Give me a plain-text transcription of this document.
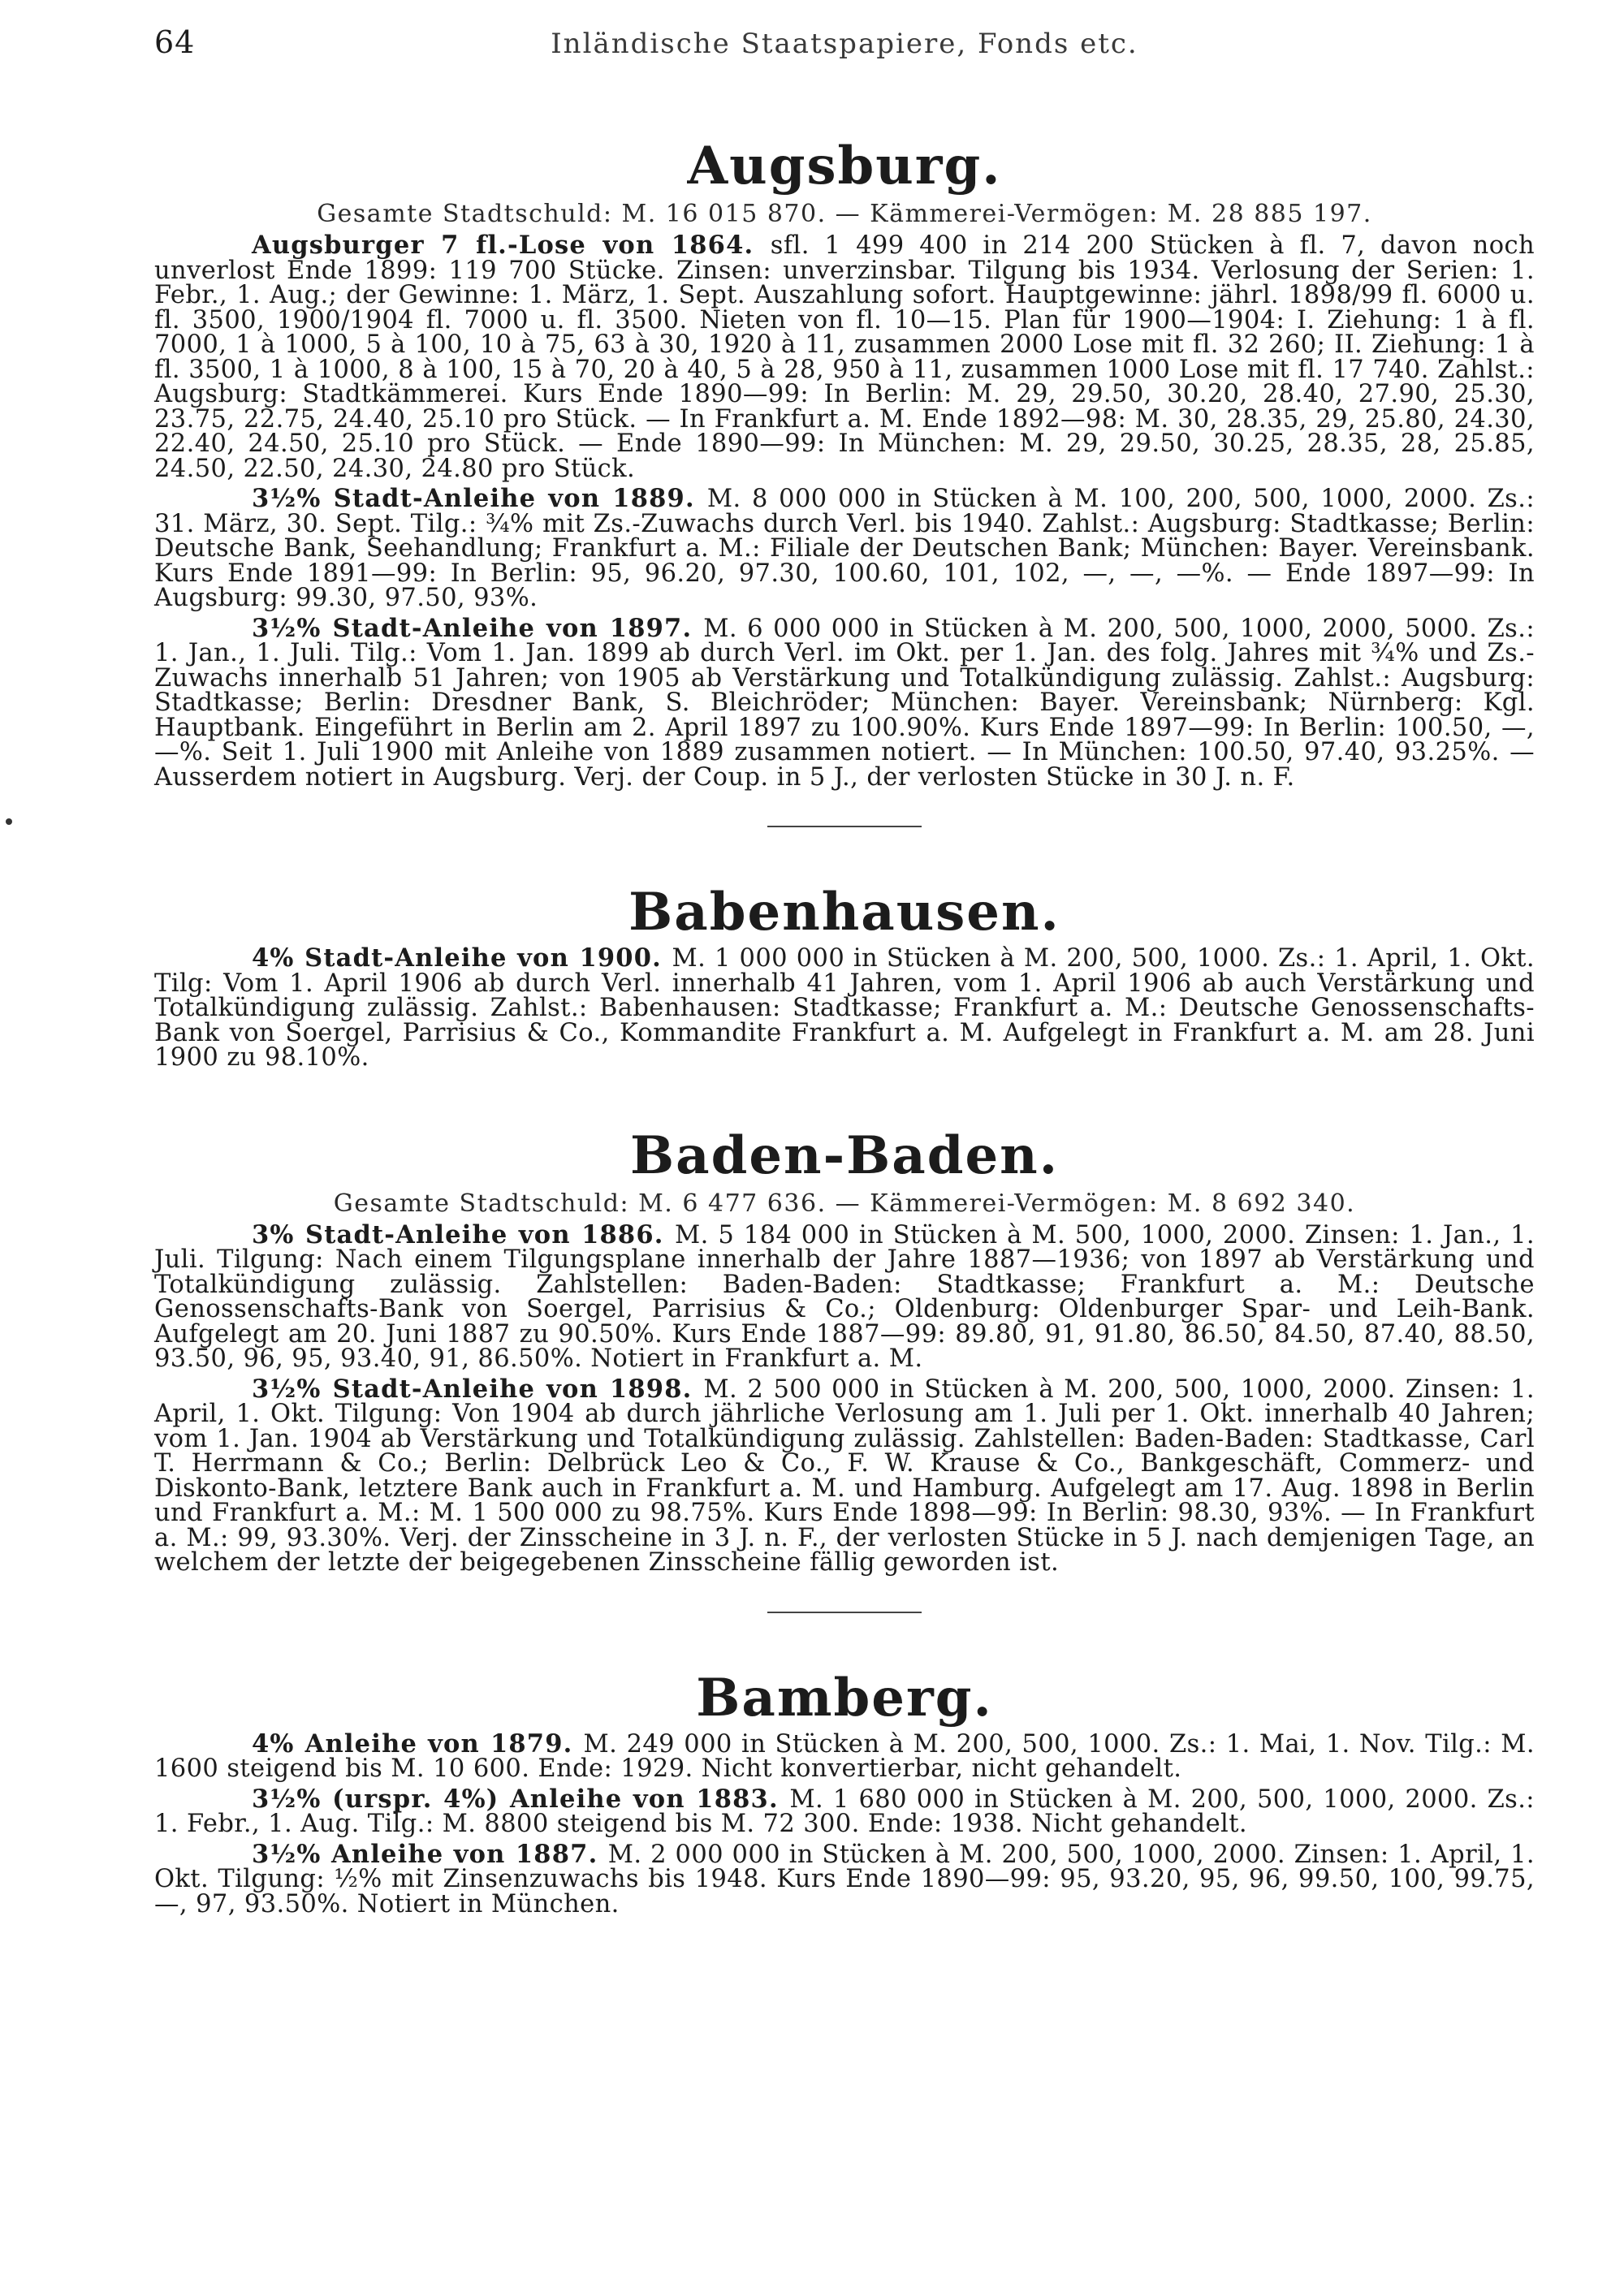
64	Inländische Staatspapiere, Fonds etc.
Augsburg.
Gesamte Stadtschuld: M. 16 015 870. — Kämmerei-Vermögen: M. 28 885 197.

Augsburger 7 fl.-Lose von 1864. sfl. 1 499 400 in 214 200 Stücken à fl. 7, davon noch unverlost Ende 1899: 119 700 Stücke. Zinsen: unverzinsbar. Tilgung bis 1934. Verlosung der Serien: 1. Febr., 1. Aug.; der Gewinne: 1. März, 1. Sept. Auszahlung sofort. Hauptgewinne: jährl. 1898/99 fl. 6000 u. fl. 3500, 1900/1904 fl. 7000 u. fl. 3500. Nieten von fl. 10—15. Plan für 1900—1904: I. Ziehung: 1 à fl. 7000, 1 à 1000, 5 à 100, 10 à 75, 63 à 30, 1920 à 11, zusammen 2000 Lose mit fl. 32 260; II. Ziehung: 1 à fl. 3500, 1 à 1000, 8 à 100, 15 à 70, 20 à 40, 5 à 28, 950 à 11, zusammen 1000 Lose mit fl. 17 740. Zahlst.: Augsburg: Stadtkämmerei. Kurs Ende 1890—99: In Berlin: M. 29, 29.50, 30.20, 28.40, 27.90, 25.30, 23.75, 22.75, 24.40, 25.10 pro Stück. — In Frankfurt a. M. Ende 1892—98: M. 30, 28.35, 29, 25.80, 24.30, 22.40, 24.50, 25.10 pro Stück. — Ende 1890—99: In München: M. 29, 29.50, 30.25, 28.35, 28, 25.85, 24.50, 22.50, 24.30, 24.80 pro Stück.

3½% Stadt-Anleihe von 1889. M. 8 000 000 in Stücken à M. 100, 200, 500, 1000, 2000. Zs.: 31. März, 30. Sept. Tilg.: ¾% mit Zs.-Zuwachs durch Verl. bis 1940. Zahlst.: Augsburg: Stadtkasse; Berlin: Deutsche Bank, Seehandlung; Frankfurt a. M.: Filiale der Deutschen Bank; München: Bayer. Vereinsbank. Kurs Ende 1891—99: In Berlin: 95, 96.20, 97.30, 100.60, 101, 102, —, —, —%. — Ende 1897—99: In Augsburg: 99.30, 97.50, 93%.

3½% Stadt-Anleihe von 1897. M. 6 000 000 in Stücken à M. 200, 500, 1000, 2000, 5000. Zs.: 1. Jan., 1. Juli. Tilg.: Vom 1. Jan. 1899 ab durch Verl. im Okt. per 1. Jan. des folg. Jahres mit ¾% und Zs.-Zuwachs innerhalb 51 Jahren; von 1905 ab Verstärkung und Totalkündigung zulässig. Zahlst.: Augsburg: Stadtkasse; Berlin: Dresdner Bank, S. Bleichröder; München: Bayer. Vereinsbank; Nürnberg: Kgl. Hauptbank. Eingeführt in Berlin am 2. April 1897 zu 100.90%. Kurs Ende 1897—99: In Berlin: 100.50, —, —%. Seit 1. Juli 1900 mit Anleihe von 1889 zusammen notiert. — In München: 100.50, 97.40, 93.25%. — Ausserdem notiert in Augsburg. Verj. der Coup. in 5 J., der verlosten Stücke in 30 J. n. F.

Babenhausen.

4% Stadt-Anleihe von 1900. M. 1 000 000 in Stücken à M. 200, 500, 1000. Zs.: 1. April, 1. Okt. Tilg: Vom 1. April 1906 ab durch Verl. innerhalb 41 Jahren, vom 1. April 1906 ab auch Verstärkung und Totalkündigung zulässig. Zahlst.: Babenhausen: Stadtkasse; Frankfurt a. M.: Deutsche Genossenschafts-Bank von Soergel, Parrisius & Co., Kommandite Frankfurt a. M. Aufgelegt in Frankfurt a. M. am 28. Juni 1900 zu 98.10%.

Baden-Baden.
Gesamte Stadtschuld: M. 6 477 636. — Kämmerei-Vermögen: M. 8 692 340.

3% Stadt-Anleihe von 1886. M. 5 184 000 in Stücken à M. 500, 1000, 2000. Zinsen: 1. Jan., 1. Juli. Tilgung: Nach einem Tilgungsplane innerhalb der Jahre 1887—1936; von 1897 ab Verstärkung und Totalkündigung zulässig. Zahlstellen: Baden-Baden: Stadtkasse; Frankfurt a. M.: Deutsche Genossenschafts-Bank von Soergel, Parrisius & Co.; Oldenburg: Oldenburger Spar- und Leih-Bank. Aufgelegt am 20. Juni 1887 zu 90.50%. Kurs Ende 1887—99: 89.80, 91, 91.80, 86.50, 84.50, 87.40, 88.50, 93.50, 96, 95, 93.40, 91, 86.50%. Notiert in Frankfurt a. M.

3½% Stadt-Anleihe von 1898. M. 2 500 000 in Stücken à M. 200, 500, 1000, 2000. Zinsen: 1. April, 1. Okt. Tilgung: Von 1904 ab durch jährliche Verlosung am 1. Juli per 1. Okt. innerhalb 40 Jahren; vom 1. Jan. 1904 ab Verstärkung und Totalkündigung zulässig. Zahlstellen: Baden-Baden: Stadtkasse, Carl T. Herrmann & Co.; Berlin: Delbrück Leo & Co., F. W. Krause & Co., Bankgeschäft, Commerz- und Diskonto-Bank, letztere Bank auch in Frankfurt a. M. und Hamburg. Aufgelegt am 17. Aug. 1898 in Berlin und Frankfurt a. M.: M. 1 500 000 zu 98.75%. Kurs Ende 1898—99: In Berlin: 98.30, 93%. — In Frankfurt a. M.: 99, 93.30%. Verj. der Zinsscheine in 3 J. n. F., der verlosten Stücke in 5 J. nach demjenigen Tage, an welchem der letzte der beigegebenen Zinsscheine fällig geworden ist.

Bamberg.

4% Anleihe von 1879. M. 249 000 in Stücken à M. 200, 500, 1000. Zs.: 1. Mai, 1. Nov. Tilg.: M. 1600 steigend bis M. 10 600. Ende: 1929. Nicht konvertierbar, nicht gehandelt.

3½% (urspr. 4%) Anleihe von 1883. M. 1 680 000 in Stücken à M. 200, 500, 1000, 2000. Zs.: 1. Febr., 1. Aug. Tilg.: M. 8800 steigend bis M. 72 300. Ende: 1938. Nicht gehandelt.

3½% Anleihe von 1887. M. 2 000 000 in Stücken à M. 200, 500, 1000, 2000. Zinsen: 1. April, 1. Okt. Tilgung: ½% mit Zinsenzuwachs bis 1948. Kurs Ende 1890—99: 95, 93.20, 95, 96, 99.50, 100, 99.75, —, 97, 93.50%. Notiert in München.
